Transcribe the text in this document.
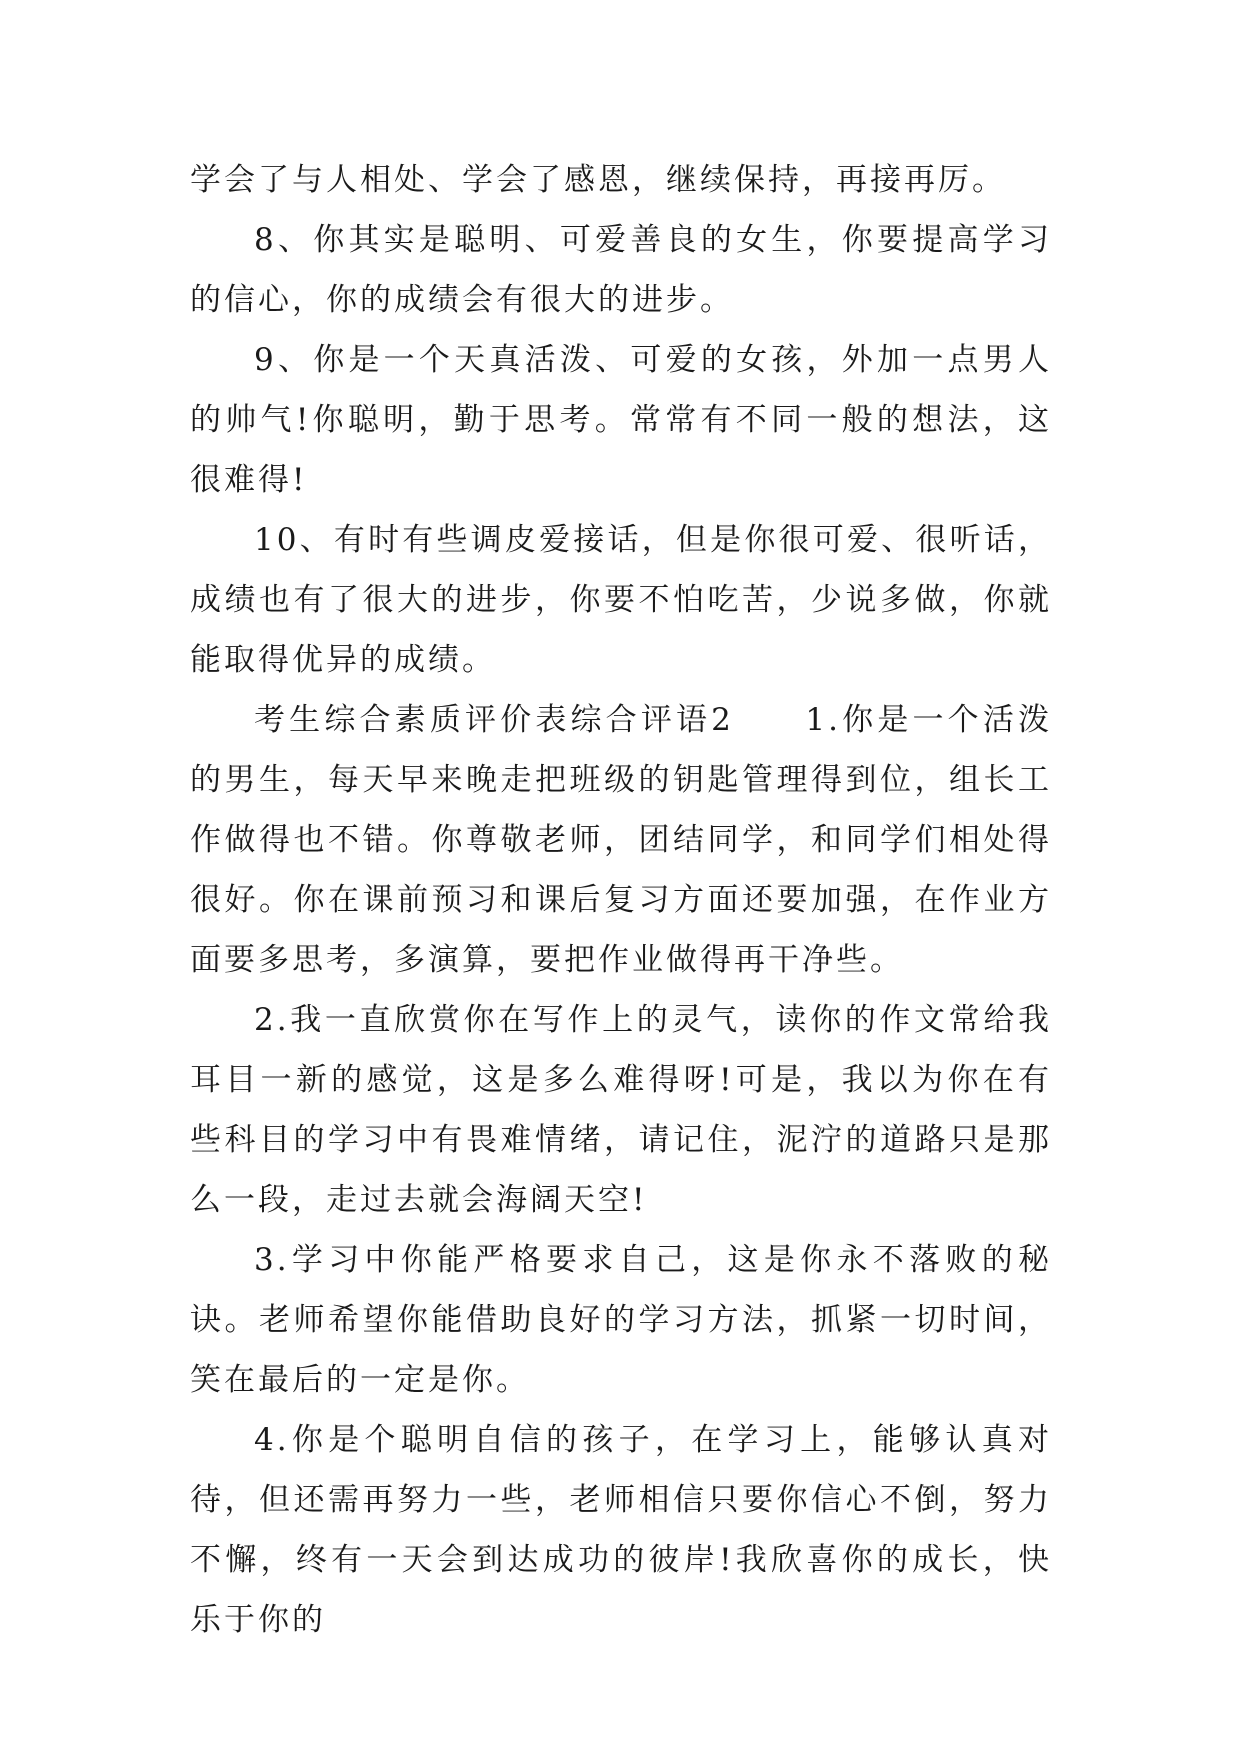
学会了与人相处、学会了感恩，继续保持，再接再厉。

8、你其实是聪明、可爱善良的女生，你要提高学习的信心，你的成绩会有很大的进步。

9、你是一个天真活泼、可爱的女孩，外加一点男人的帅气!你聪明，勤于思考。常常有不同一般的想法，这很难得!

10、有时有些调皮爱接话，但是你很可爱、很听话，成绩也有了很大的进步，你要不怕吃苦，少说多做，你就能取得优异的成绩。

考生综合素质评价表综合评语2　　1.你是一个活泼的男生，每天早来晚走把班级的钥匙管理得到位，组长工作做得也不错。你尊敬老师，团结同学，和同学们相处得很好。你在课前预习和课后复习方面还要加强，在作业方面要多思考，多演算，要把作业做得再干净些。

2.我一直欣赏你在写作上的灵气，读你的作文常给我耳目一新的感觉，这是多么难得呀!可是，我以为你在有些科目的学习中有畏难情绪，请记住，泥泞的道路只是那么一段，走过去就会海阔天空!

3.学习中你能严格要求自己，这是你永不落败的秘诀。老师希望你能借助良好的学习方法，抓紧一切时间，笑在最后的一定是你。

4.你是个聪明自信的孩子，在学习上，能够认真对待，但还需再努力一些，老师相信只要你信心不倒，努力不懈，终有一天会到达成功的彼岸!我欣喜你的成长，快乐于你的
